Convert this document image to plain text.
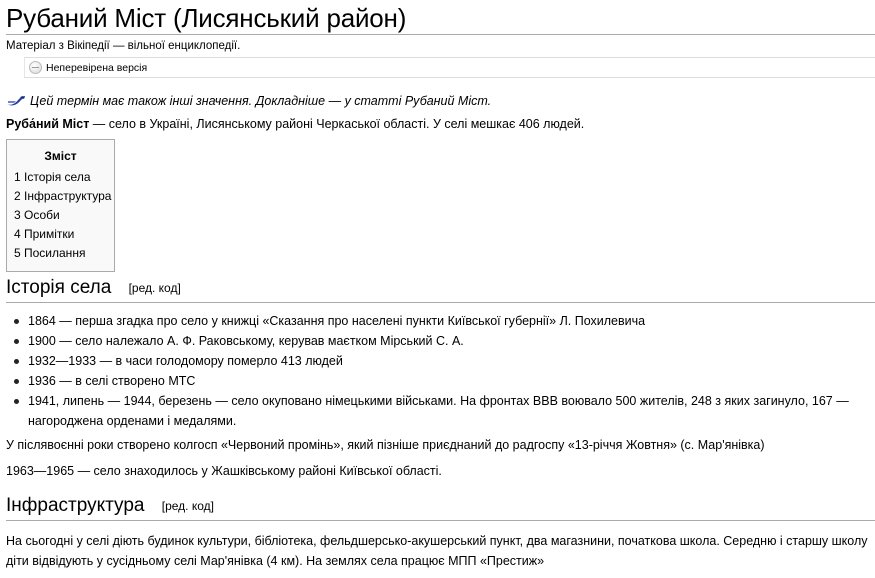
Рубаний Міст (Лисянський район)
Матеріал з Вікіпедії — вільної енциклопедії.
Неперевірена версія
Цей термін має також інші значення. Докладніше — у статті Рубаний Міст.

Руба́ний Міст — село в Україні, Лисянському районі Черкаської області. У селі мешкає 406 людей.

Зміст
1 Історія села
2 Інфраструктура
3 Особи
4 Примітки
5 Посилання
Історія села [ред. код]
1864 — перша згадка про село у книжці «Сказання про населені пункти Київської губернії» Л. Похилевича
1900 — село належало А. Ф. Раковському, керував маєтком Мірський С. А.
1932—1933 — в часи голодомору померло 413 людей
1936 — в селі створено МТС
1941, липень — 1944, березень — село окуповано німецькими військами. На фронтах ВВВ воювало 500 жителів, 248 з яких загинуло, 167 — нагороджена орденами і медалями.

У післявоєнні роки створено колгосп «Червоний промінь», який пізніше приєднаний до радгоспу «13-річчя Жовтня» (с. Мар'янівка)

1963—1965 — село знаходилось у Жашківському районі Київської області.

Інфраструктура [ред. код]

На сьогодні у селі діють будинок культури, бібліотека, фельдшерсько-акушерський пункт, два магазнини, початкова школа. Середню і старшу школу діти відвідують у сусідньому селі Мар'янівка (4 км). На землях села працює МПП «Престиж»
